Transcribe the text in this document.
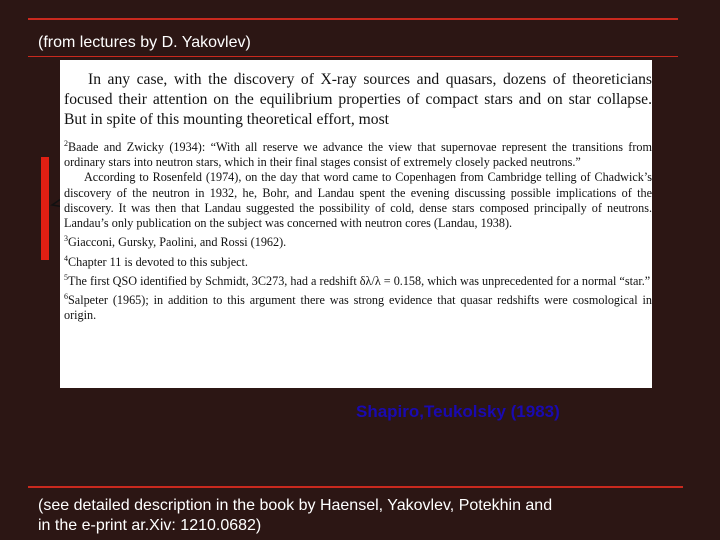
(from lectures by D. Yakovlev)

In any case, with the discovery of X-ray sources and quasars, dozens of theoreticians focused their attention on the equilibrium properties of compact stars and on star collapse. But in spite of this mounting theoretical effort, most

$^2$Baade and Zwicky (1934): “With all reserve we advance the view that supernovae represent the transitions from ordinary stars into neutron stars, which in their final stages consist of extremely closely packed neutrons.”

According to Rosenfeld (1974), on the day that word came to Copenhagen from Cambridge telling of Chadwick’s discovery of the neutron in 1932, he, Bohr, and Landau spent the evening discussing possible implications of the discovery. It was then that Landau suggested the possibility of cold, dense stars composed principally of neutrons. Landau’s only publication on the subject was concerned with neutron cores (Landau, 1938).

$^3$Giacconi, Gursky, Paolini, and Rossi (1962).

$^4$Chapter 11 is devoted to this subject.

$^5$The first QSO identified by Schmidt, 3C273, had a redshift δλ/λ = 0.158, which was unprecedented for a normal “star.”

$^6$Salpeter (1965); in addition to this argument there was strong evidence that quasar redshifts were cosmological in origin.

Shapiro,Teukolsky (1983)
(see detailed description in the book by Haensel, Yakovlev, Potekhin and
in the e-print ar.Xiv: 1210.0682)
